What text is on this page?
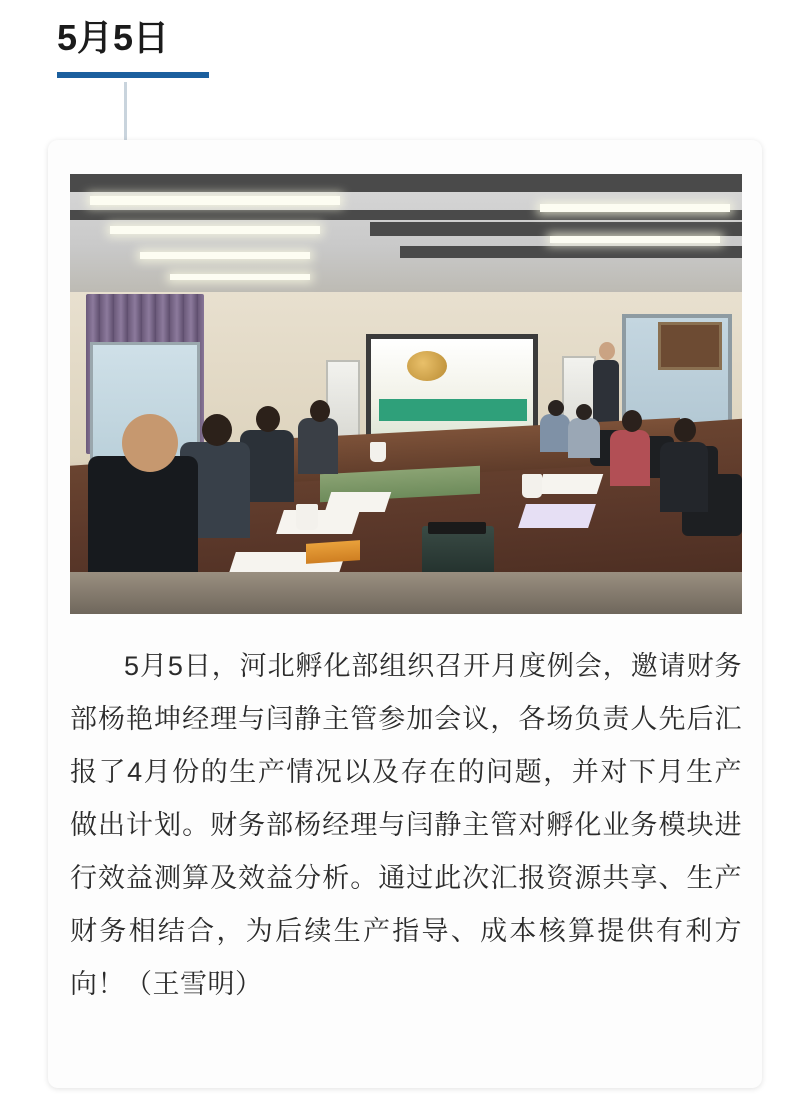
5月5日
5月5日，河北孵化部组织召开月度例会，邀请财务部杨艳坤经理与闫静主管参加会议，各场负责人先后汇报了4月份的生产情况以及存在的问题，并对下月生产做出计划。财务部杨经理与闫静主管对孵化业务模块进行效益测算及效益分析。通过此次汇报资源共享、生产财务相结合，为后续生产指导、成本核算提供有利方向！（王雪明）
